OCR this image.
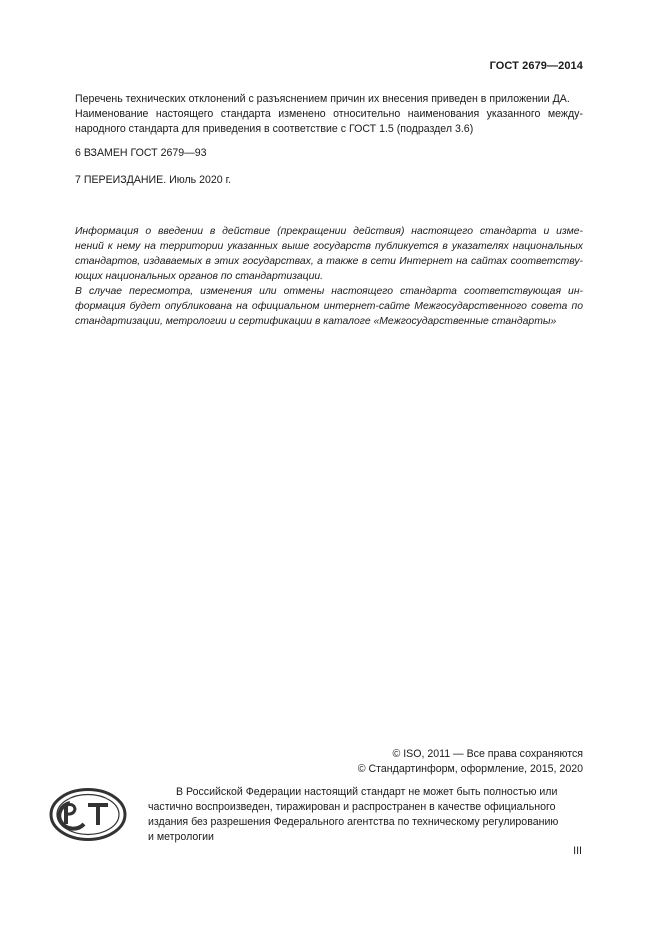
ГОСТ 2679—2014
Перечень технических отклонений с разъяснением причин их внесения приведен в приложении ДА.
Наименование настоящего стандарта изменено относительно наименования указанного между-
народного стандарта для приведения в соответствие с ГОСТ 1.5 (подраздел 3.6)
6 ВЗАМЕН ГОСТ 2679—93
7 ПЕРЕИЗДАНИЕ. Июль 2020 г.
Информация о введении в действие (прекращении действия) настоящего стандарта и изме-
нений к нему на территории указанных выше государств публикуется в указателях национальных
стандартов, издаваемых в этих государствах, а также в сети Интернет на сайтах соответству-
ющих национальных органов по стандартизации.
В случае пересмотра, изменения или отмены настоящего стандарта соответствующая ин-
формация будет опубликована на официальном интернет-сайте Межгосударственного совета по
стандартизации, метрологии и сертификации в каталоге «Межгосударственные стандарты»
© ISO, 2011 — Все права сохраняются
© Стандартинформ, оформление, 2015, 2020
В Российской Федерации настоящий стандарт не может быть полностью или
частично воспроизведен, тиражирован и распространен в качестве официального
издания без разрешения Федерального агентства по техническому регулированию
и метрологии
III
